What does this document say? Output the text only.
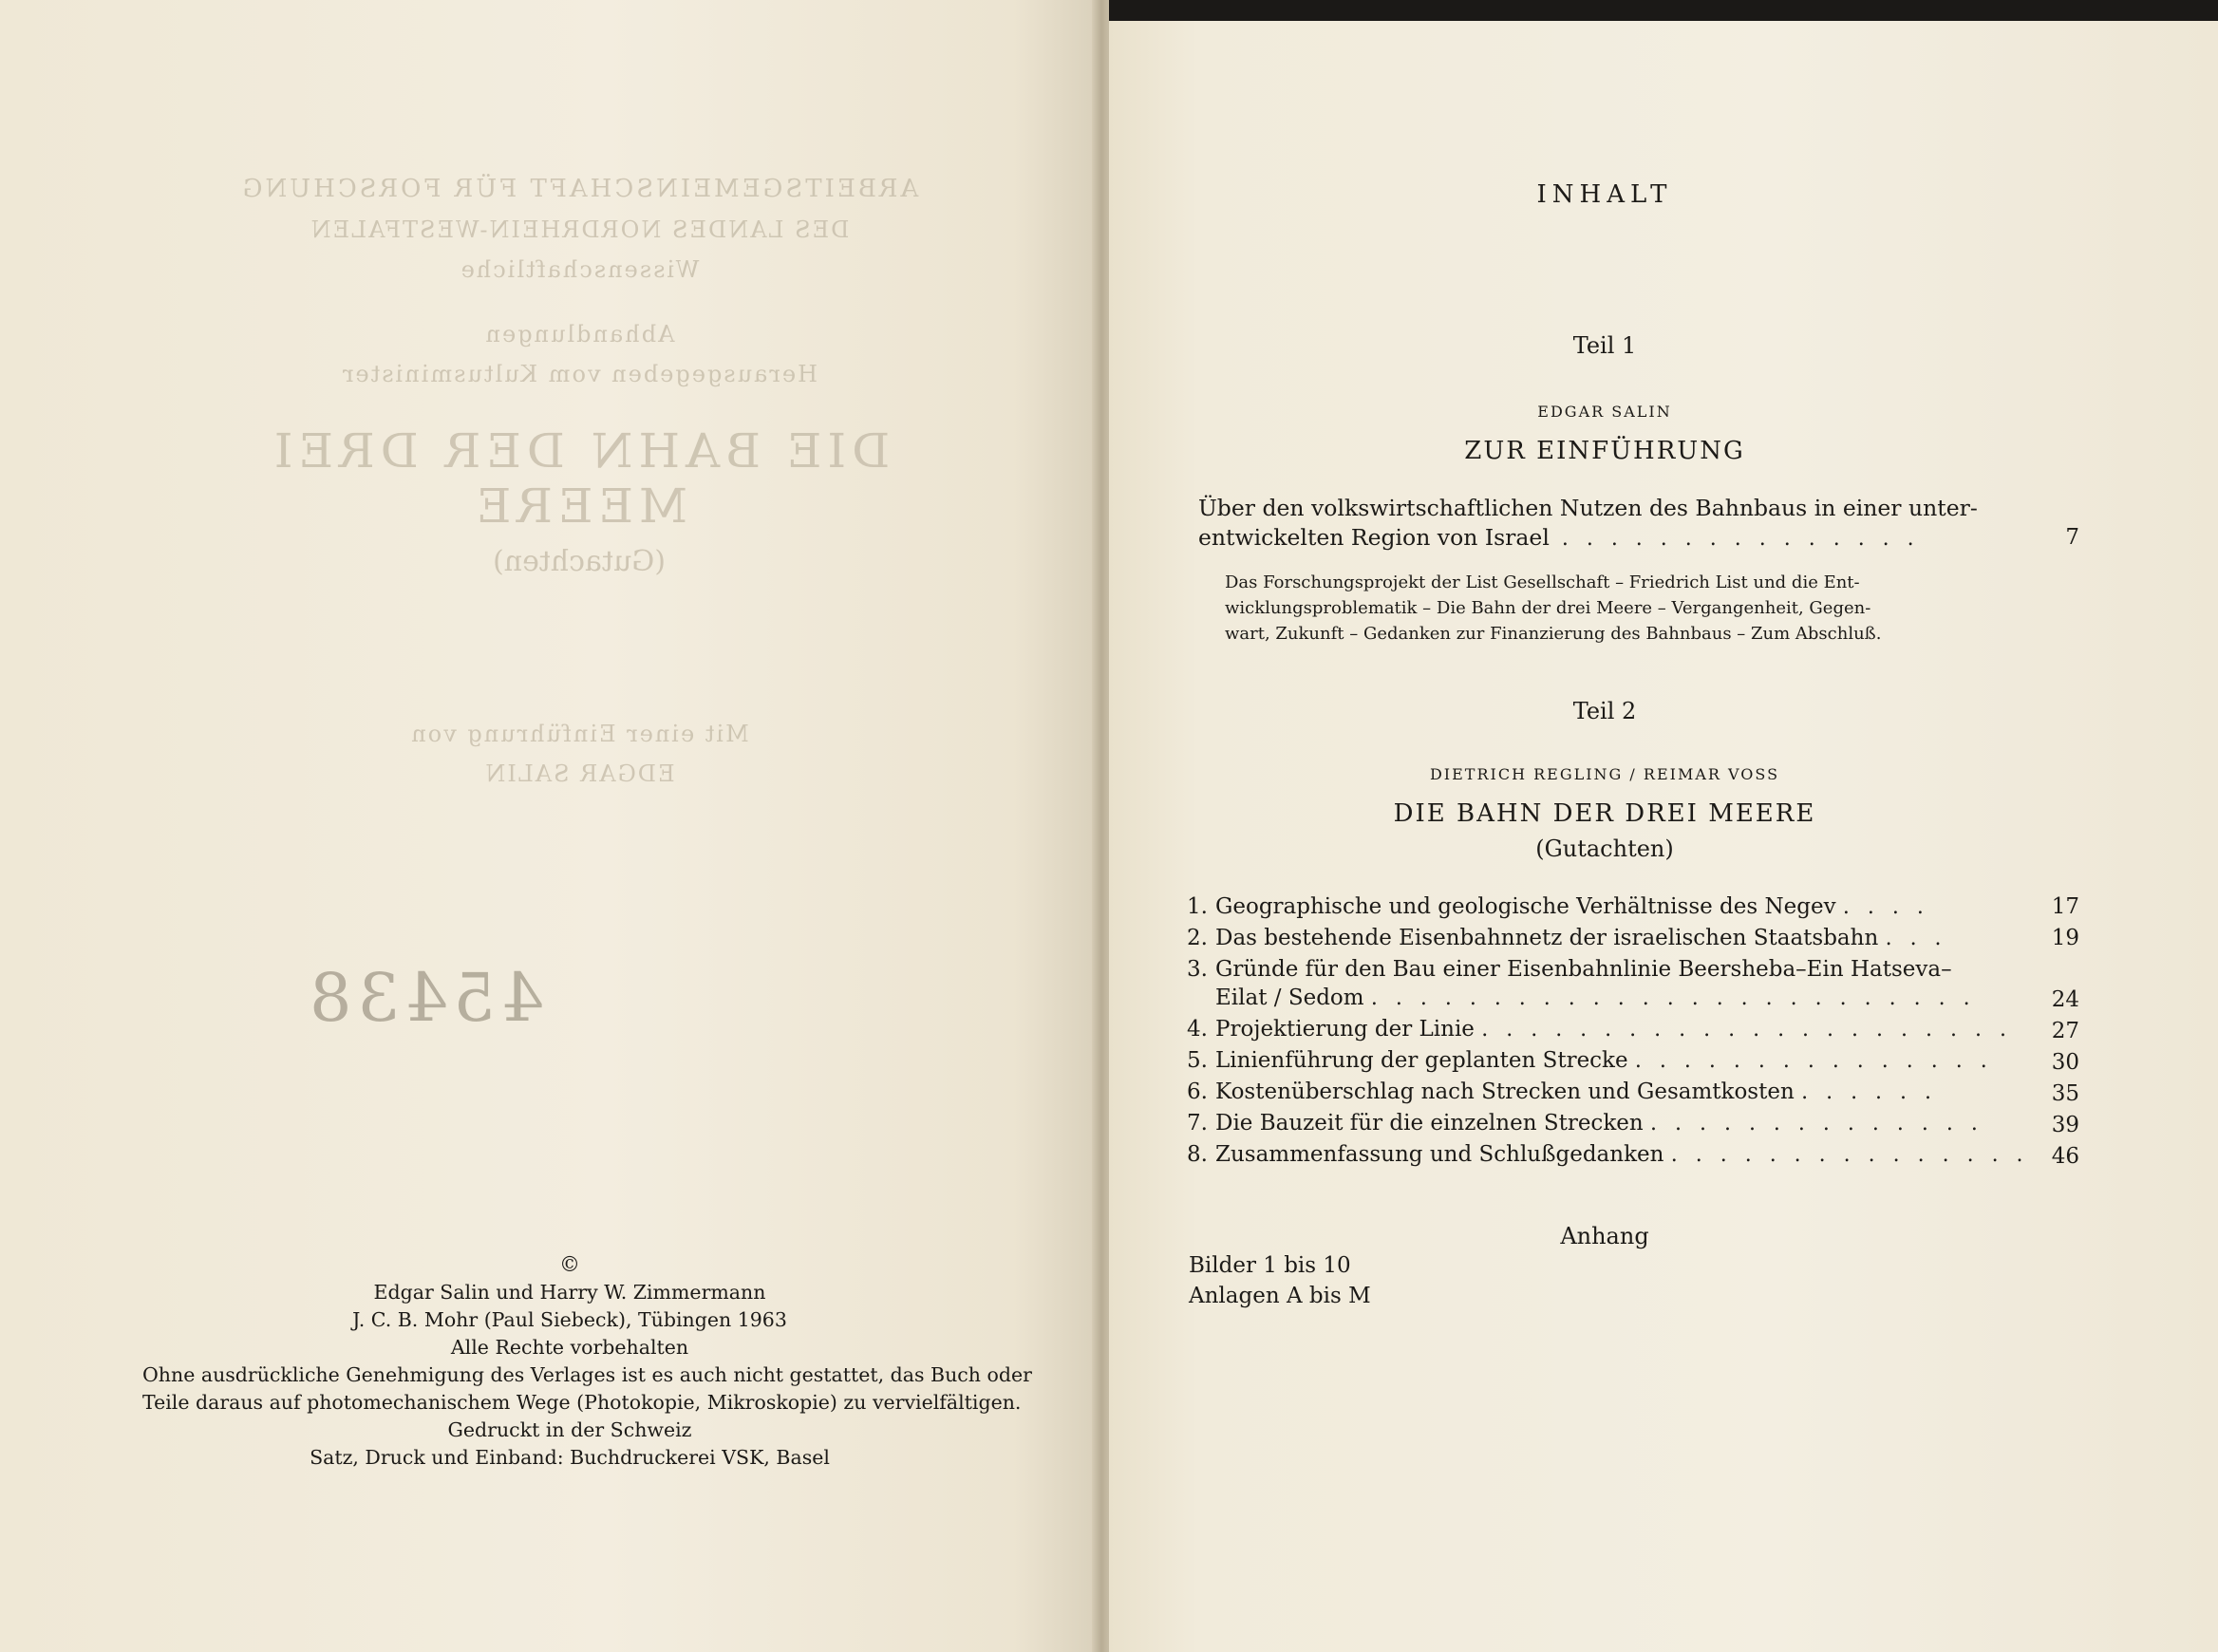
ARBEITSGEMEINSCHAFT FÜR FORSCHUNG
DES LANDES NORDRHEIN-WESTFALEN
Wissenschaftliche
Abhandlungen
Herausgegeben vom Kultusminister
DIE BAHN DER DREI MEERE
(Gutachten)
Mit einer Einführung von
EDGAR SALIN
45438
©
Edgar Salin und Harry W. Zimmermann
J. C. B. Mohr (Paul Siebeck), Tübingen 1963
Alle Rechte vorbehalten
Ohne ausdrückliche Genehmigung des Verlages ist es auch nicht gestattet, das Buch oder
Teile daraus auf photomechanischem Wege (Photokopie, Mikroskopie) zu vervielfältigen.
Gedruckt in der Schweiz
Satz, Druck und Einband: Buchdruckerei VSK, Basel
INHALT
Teil 1
EDGAR SALIN
ZUR EINFÜHRUNG
Über den volkswirtschaftlichen Nutzen des Bahnbaus in einer unter-
entwickelten Region von Israel . . . . . . . . . . . . . . .	7
Das Forschungsprojekt der List Gesellschaft – Friedrich List und die Ent-
wicklungsproblematik – Die Bahn der drei Meere – Vergangenheit, Gegen-
wart, Zukunft – Gedanken zur Finanzierung des Bahnbaus – Zum Abschluß.
Teil 2
DIETRICH REGLING / REIMAR VOSS
DIE BAHN DER DREI MEERE
(Gutachten)
1. Geographische und geologische Verhältnisse des Negev . . . .	17
2. Das bestehende Eisenbahnnetz der israelischen Staatsbahn . . .	19
3. Gründe für den Bau einer Eisenbahnlinie Beersheba–Ein Hatseva–
Eilat / Sedom . . . . . . . . . . . . . . . . . . . . . . . . .	24
4. Projektierung der Linie . . . . . . . . . . . . . . . . . . . . . .	27
5. Linienführung der geplanten Strecke . . . . . . . . . . . . . . .	30
6. Kostenüberschlag nach Strecken und Gesamtkosten . . . . . .	35
7. Die Bauzeit für die einzelnen Strecken . . . . . . . . . . . . . .	39
8. Zusammenfassung und Schlußgedanken . . . . . . . . . . . . . . .	46
Anhang
Bilder 1 bis 10
Anlagen A bis M
